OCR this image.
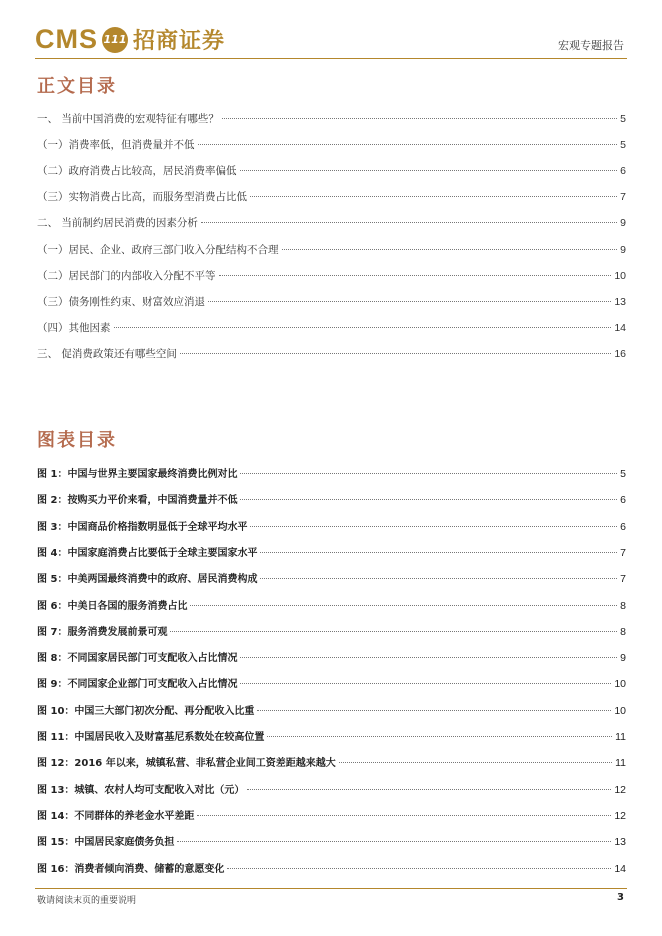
CMS 111 招商证券	宏观专题报告
正文目录
一、 当前中国消费的宏观特征有哪些？	5
（一）消费率低，但消费量并不低	5
（二）政府消费占比较高，居民消费率偏低	6
（三）实物消费占比高，而服务型消费占比低	7
二、 当前制约居民消费的因素分析	9
（一）居民、企业、政府三部门收入分配结构不合理	9
（二）居民部门的内部收入分配不平等	10
（三）债务刚性约束、财富效应消退	13
（四）其他因素	14
三、 促消费政策还有哪些空间	16
图表目录
图 1：中国与世界主要国家最终消费比例对比	5
图 2：按购买力平价来看，中国消费量并不低	6
图 3：中国商品价格指数明显低于全球平均水平	6
图 4：中国家庭消费占比要低于全球主要国家水平	7
图 5：中美两国最终消费中的政府、居民消费构成	7
图 6：中美日各国的服务消费占比	8
图 7：服务消费发展前景可观	8
图 8：不同国家居民部门可支配收入占比情况	9
图 9：不同国家企业部门可支配收入占比情况	10
图 10：中国三大部门初次分配、再分配收入比重	10
图 11：中国居民收入及财富基尼系数处在较高位置	11
图 12：2016 年以来，城镇私营、非私营企业间工资差距越来越大	11
图 13：城镇、农村人均可支配收入对比（元）	12
图 14：不同群体的养老金水平差距	12
图 15：中国居民家庭债务负担	13
图 16：消费者倾向消费、储蓄的意愿变化	14
敬请阅读末页的重要说明	3
